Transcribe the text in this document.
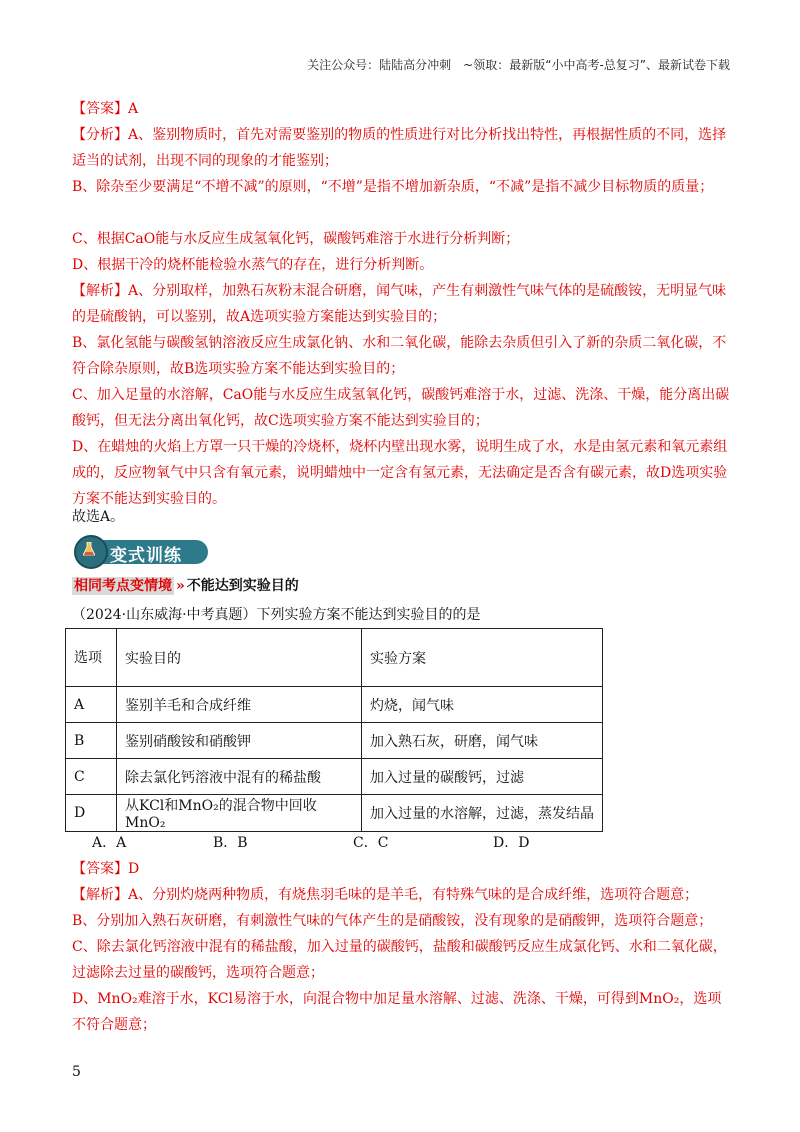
关注公众号：陆陆高分冲刺　~领取：最新版“小中高考-总复习”、最新试卷下载
【答案】A
【分析】A、鉴别物质时，首先对需要鉴别的物质的性质进行对比分析找出特性，再根据性质的不同，选择适当的试剂，出现不同的现象的才能鉴别；
B、除杂至少要满足“不增不减”的原则，“不增”是指不增加新杂质，“不减”是指不减少目标物质的质量；
C、根据CaO能与水反应生成氢氧化钙，碳酸钙难溶于水进行分析判断；
D、根据干冷的烧杯能检验水蒸气的存在，进行分析判断。
【解析】A、分别取样，加熟石灰粉末混合研磨，闻气味，产生有刺激性气味气体的是硫酸铵，无明显气味的是硫酸钠，可以鉴别，故A选项实验方案能达到实验目的；
B、氯化氢能与碳酸氢钠溶液反应生成氯化钠、水和二氧化碳，能除去杂质但引入了新的杂质二氧化碳，不符合除杂原则，故B选项实验方案不能达到实验目的；
C、加入足量的水溶解，CaO能与水反应生成氢氧化钙，碳酸钙难溶于水，过滤、洗涤、干燥，能分离出碳酸钙，但无法分离出氧化钙，故C选项实验方案不能达到实验目的；
D、在蜡烛的火焰上方罩一只干燥的冷烧杯，烧杯内壁出现水雾，说明生成了水，水是由氢元素和氧元素组成的，反应物氧气中只含有氧元素，说明蜡烛中一定含有氢元素，无法确定是否含有碳元素，故D选项实验方案不能达到实验目的。
故选A。
变式训练
相同考点变情境 » 不能达到实验目的
（2024·山东威海·中考真题）下列实验方案不能达到实验目的的是
选项	实验目的	实验方案
A	鉴别羊毛和合成纤维	灼烧，闻气味
B	鉴别硝酸铵和硝酸钾	加入熟石灰，研磨，闻气味
C	除去氯化钙溶液中混有的稀盐酸	加入过量的碳酸钙，过滤
D	从KCl和MnO₂的混合物中回收MnO₂	加入过量的水溶解，过滤，蒸发结晶
A．A	B．B	C．C	D．D
【答案】D
【解析】A、分别灼烧两种物质，有烧焦羽毛味的是羊毛，有特殊气味的是合成纤维，选项符合题意；
B、分别加入熟石灰研磨，有刺激性气味的气体产生的是硝酸铵，没有现象的是硝酸钾，选项符合题意；
C、除去氯化钙溶液中混有的稀盐酸，加入过量的碳酸钙，盐酸和碳酸钙反应生成氯化钙、水和二氧化碳，过滤除去过量的碳酸钙，选项符合题意；
D、MnO₂难溶于水，KCl易溶于水，向混合物中加足量水溶解、过滤、洗涤、干燥，可得到MnO₂，选项不符合题意；
5
